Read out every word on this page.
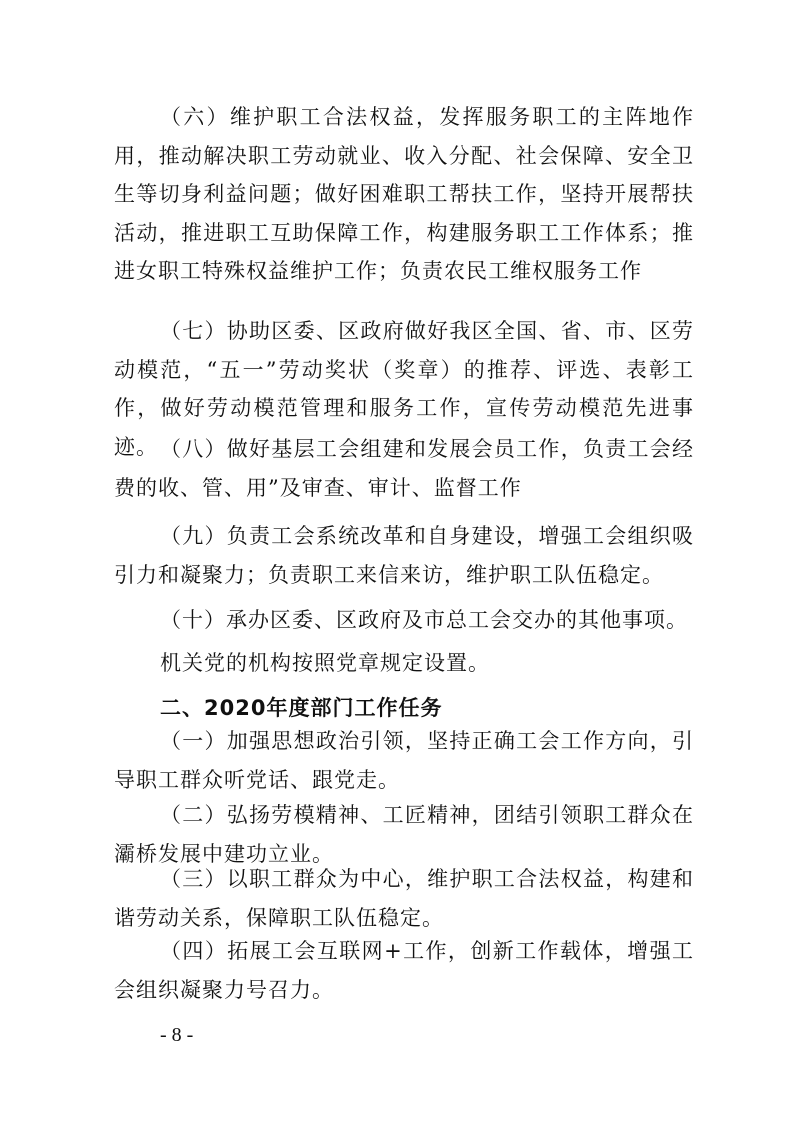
（六）维护职工合法权益，发挥服务职工的主阵地作用，推动解决职工劳动就业、收入分配、社会保障、安全卫生等切身利益问题；做好困难职工帮扶工作，坚持开展帮扶活动，推进职工互助保障工作，构建服务职工工作体系；推进女职工特殊权益维护工作；负责农民工维权服务工作
（七）协助区委、区政府做好我区全国、省、市、区劳动模范，“五一”劳动奖状（奖章）的推荐、评选、表彰工作，做好劳动模范管理和服务工作，宣传劳动模范先进事迹。 （八）做好基层工会组建和发展会员工作，负责工会经费的收、管、用”及审查、审计、监督工作
（九）负责工会系统改革和自身建设，增强工会组织吸引力和凝聚力；负责职工来信来访，维护职工队伍稳定。
（十）承办区委、区政府及市总工会交办的其他事项。
机关党的机构按照党章规定设置。
二、2020年度部门工作任务
（一）加强思想政治引领，坚持正确工会工作方向，引导职工群众听党话、跟党走。
（二）弘扬劳模精神、工匠精神，团结引领职工群众在灞桥发展中建功立业。
（三）以职工群众为中心，维护职工合法权益，构建和谐劳动关系，保障职工队伍稳定。
（四）拓展工会互联网+工作，创新工作载体，增强工会组织凝聚力号召力。
- 8 -
